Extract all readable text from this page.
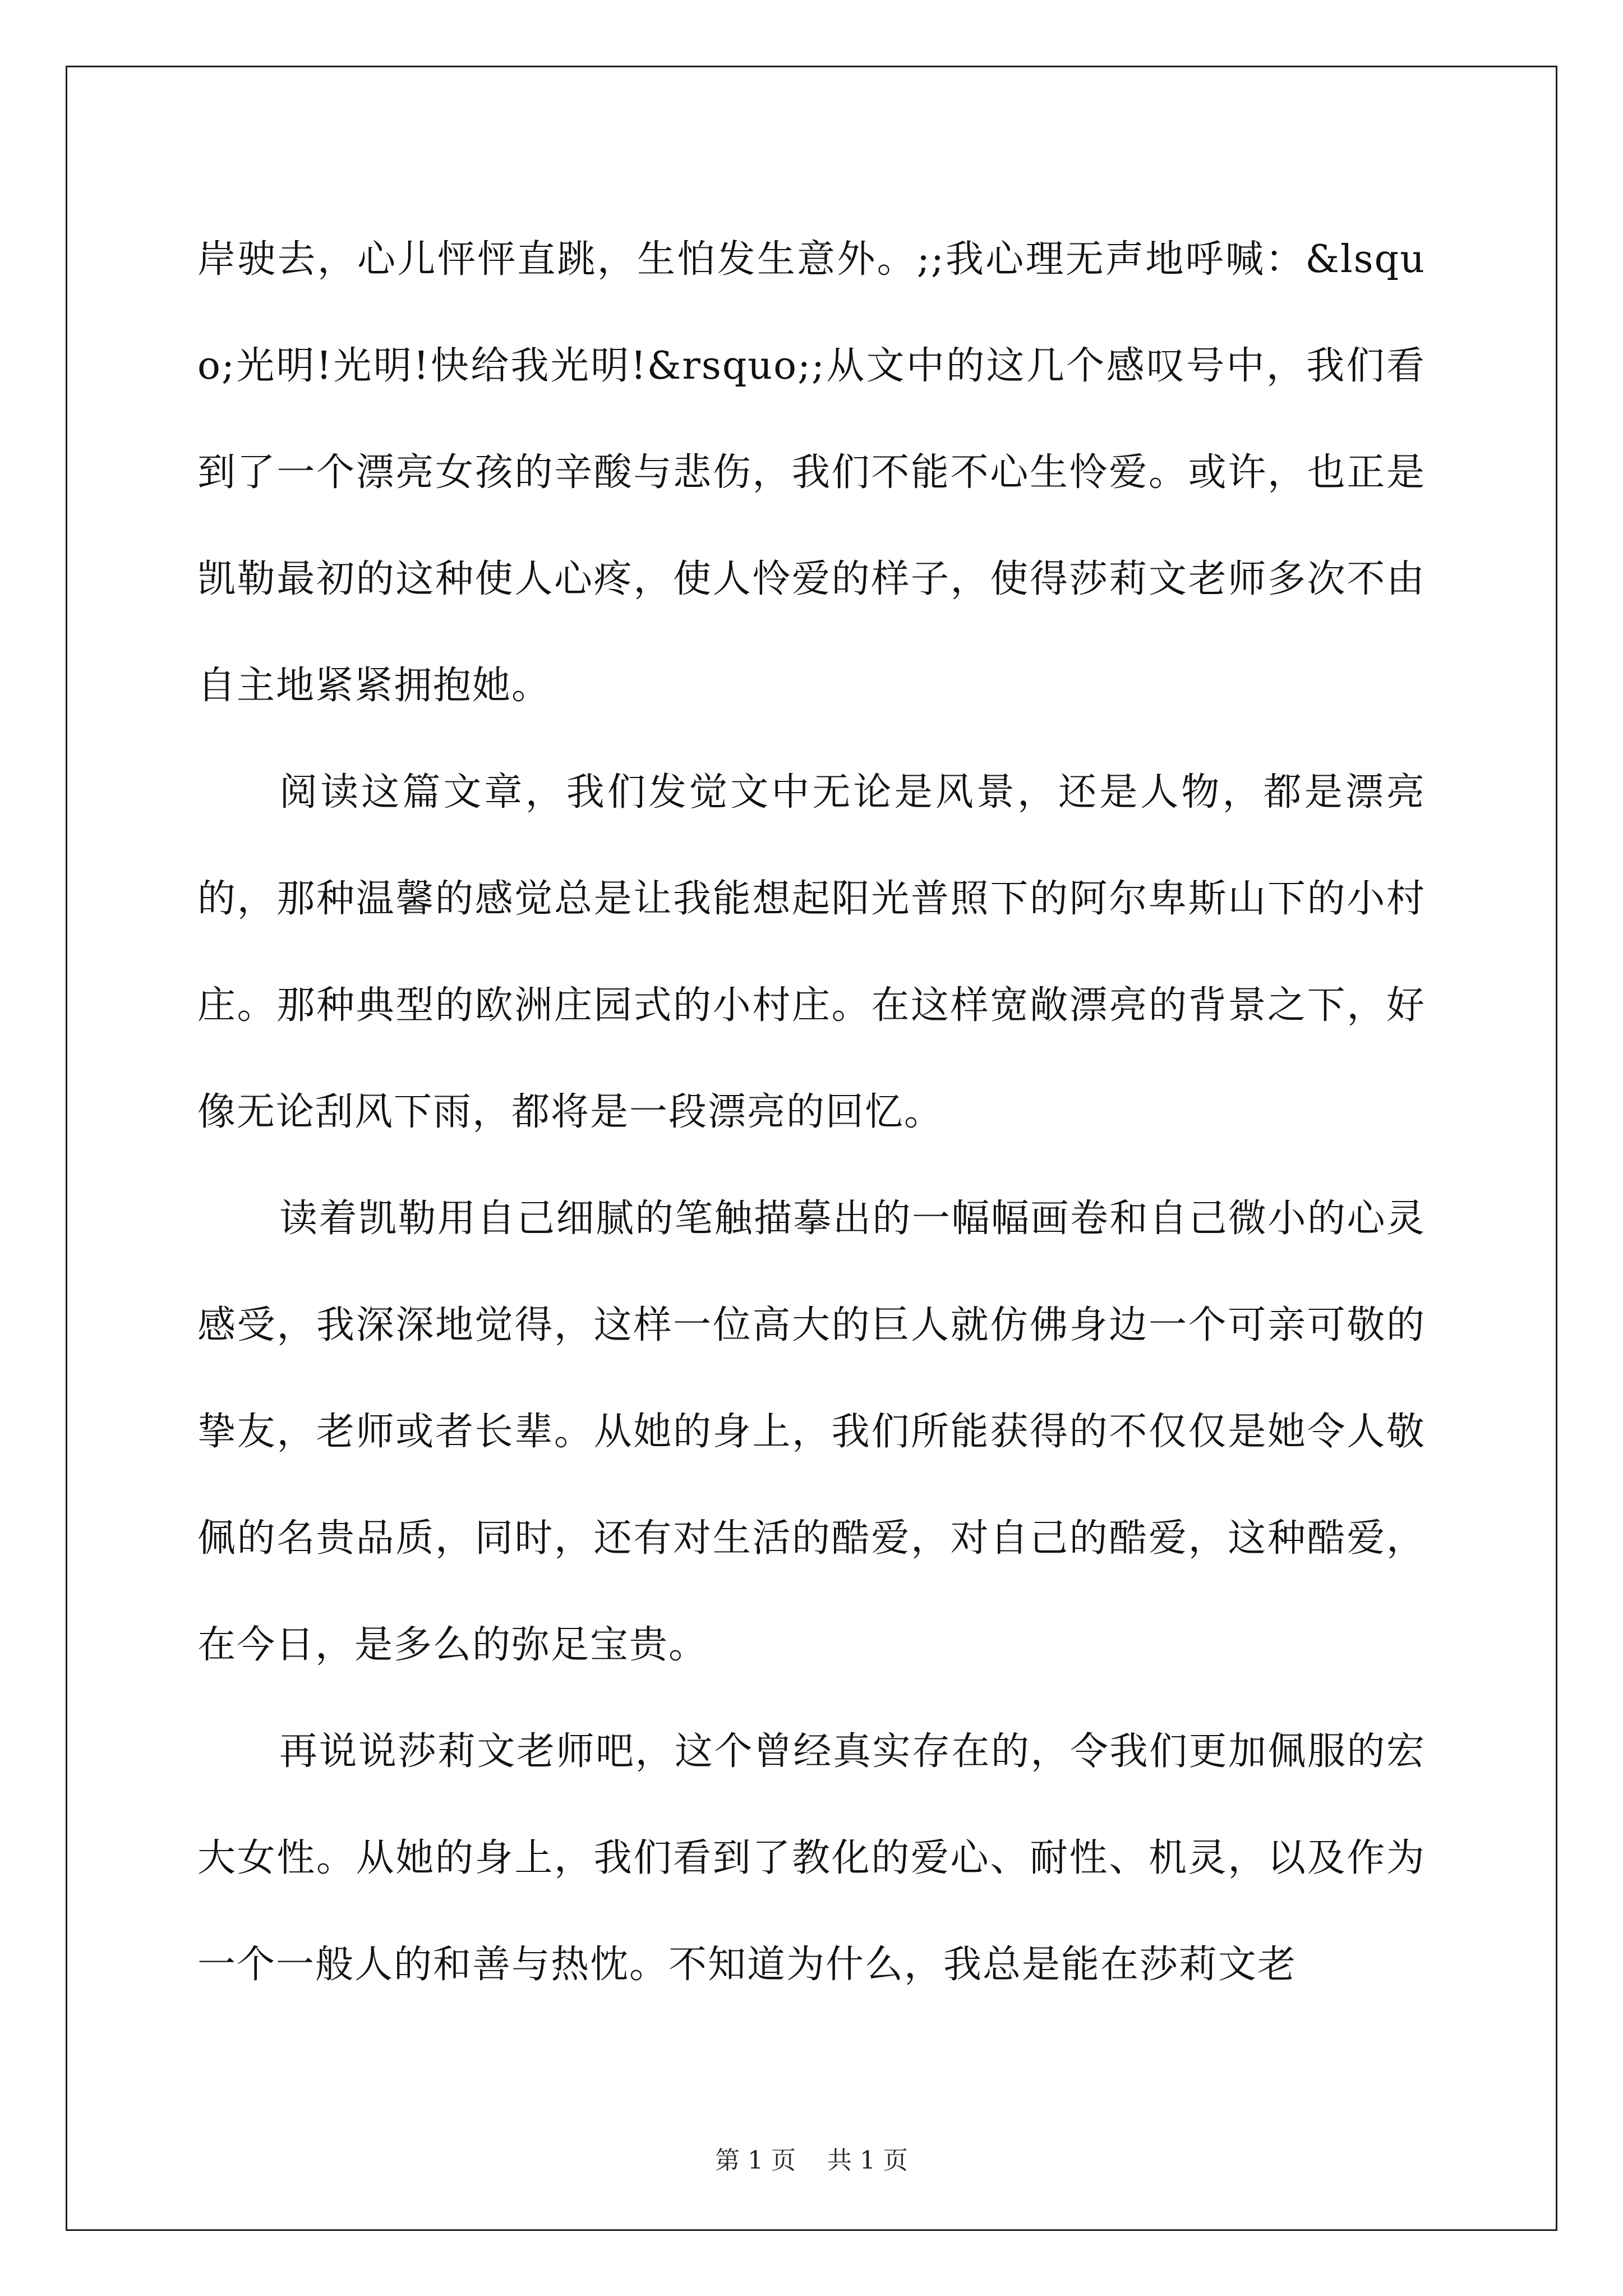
岸驶去，心儿怦怦直跳，生怕发生意外。;;我心理无声地呼喊：&lsquo;光明!光明!快给我光明!&rsquo;;从文中的这几个感叹号中，我们看到了一个漂亮女孩的辛酸与悲伤，我们不能不心生怜爱。或许，也正是凯勒最初的这种使人心疼，使人怜爱的样子，使得莎莉文老师多次不由自主地紧紧拥抱她。

阅读这篇文章，我们发觉文中无论是风景，还是人物，都是漂亮的，那种温馨的感觉总是让我能想起阳光普照下的阿尔卑斯山下的小村庄。那种典型的欧洲庄园式的小村庄。在这样宽敞漂亮的背景之下，好像无论刮风下雨，都将是一段漂亮的回忆。

读着凯勒用自己细腻的笔触描摹出的一幅幅画卷和自己微小的心灵感受，我深深地觉得，这样一位高大的巨人就仿佛身边一个可亲可敬的挚友，老师或者长辈。从她的身上，我们所能获得的不仅仅是她令人敬佩的名贵品质，同时，还有对生活的酷爱，对自己的酷爱，这种酷爱，在今日，是多么的弥足宝贵。

再说说莎莉文老师吧，这个曾经真实存在的，令我们更加佩服的宏大女性。从她的身上，我们看到了教化的爱心、耐性、机灵，以及作为一个一般人的和善与热忱。不知道为什么，我总是能在莎莉文老

第 1 页    共 1 页
